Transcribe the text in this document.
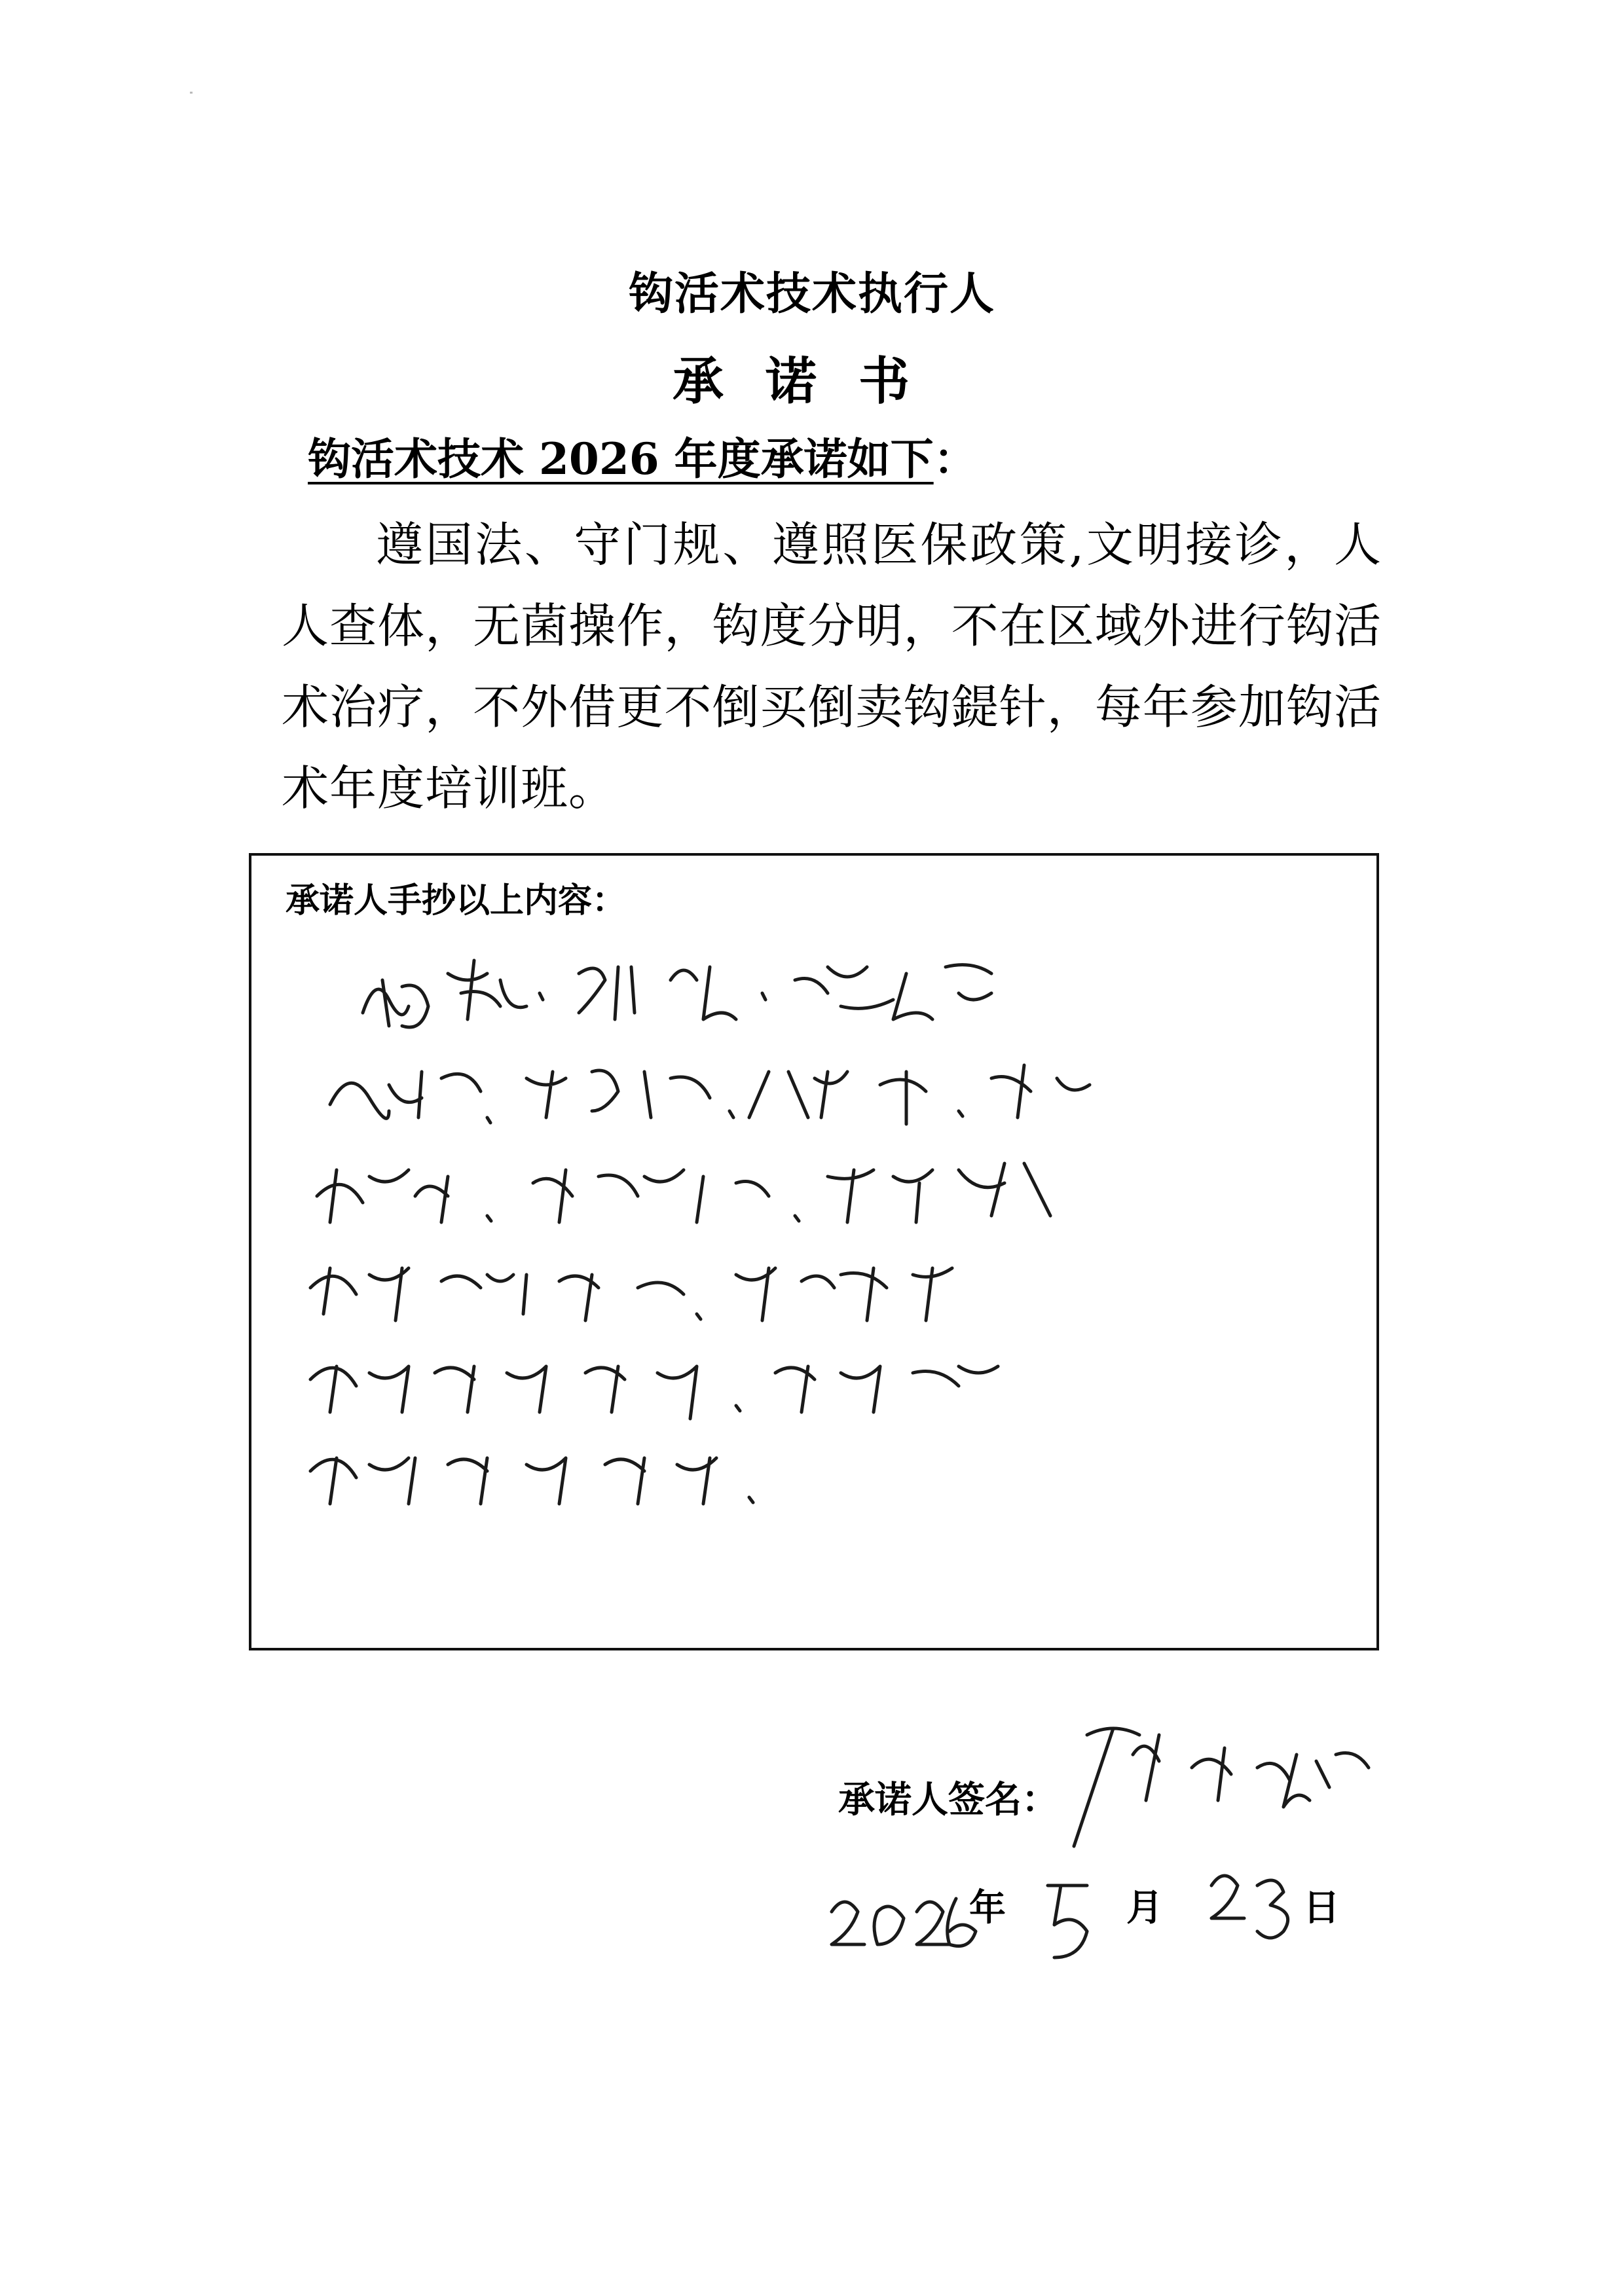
钩活术技术执行人
承诺书
钩活术技术 2026 年度承诺如下：
遵国法、守门规、遵照医保政策,文明接诊，人人查体，无菌操作，钩度分明，不在区域外进行钩活术治疗，不外借更不倒买倒卖钩鍉针，每年参加钩活术年度培训班。
承诺人手抄以上内容：
承诺人签名：
年	月	日
